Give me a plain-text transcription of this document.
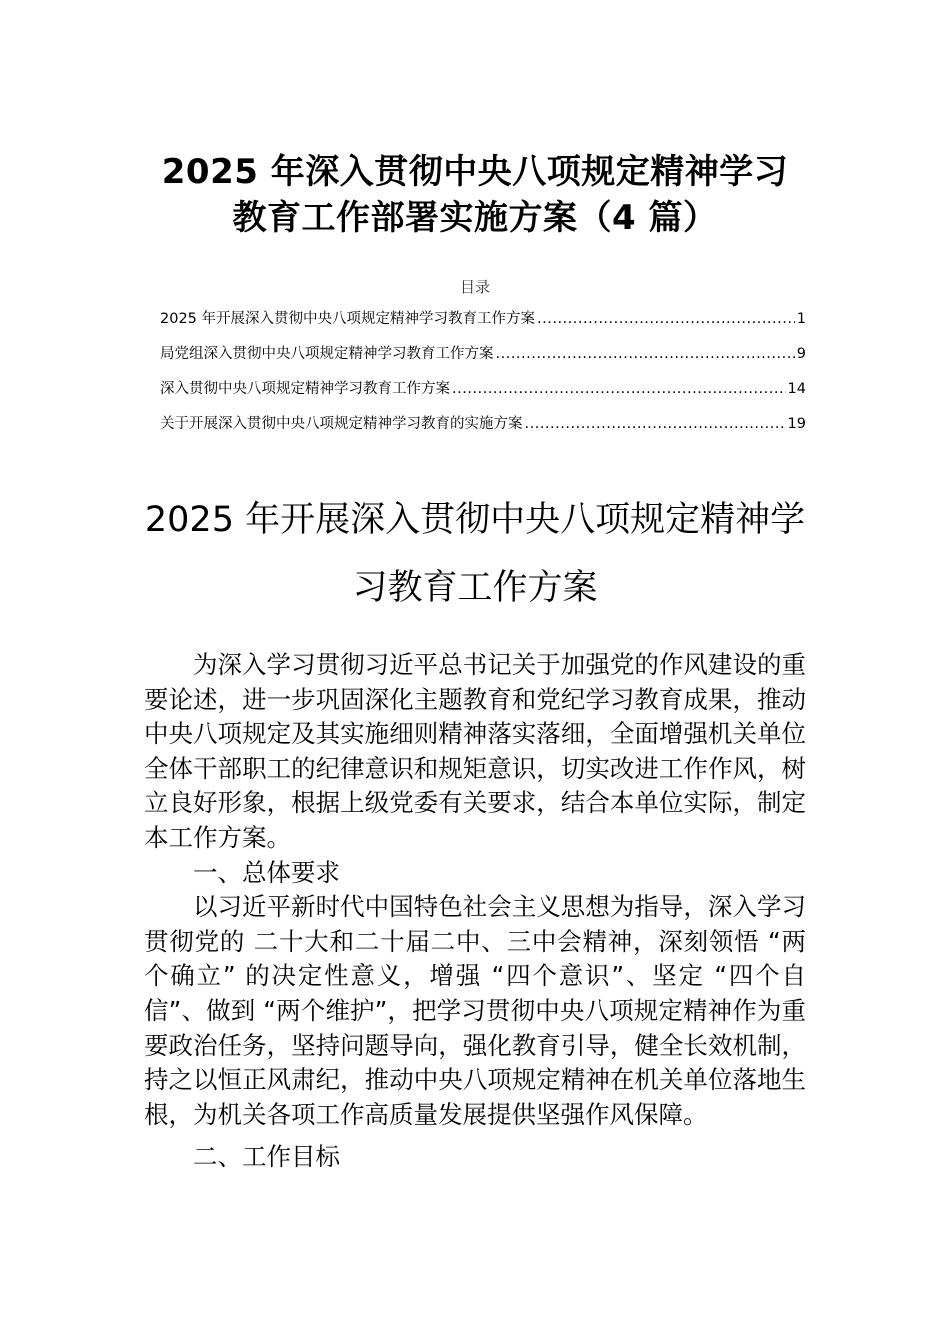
2025 年深入贯彻中央八项规定精神学习
教育工作部署实施方案（4 篇）
目录
2025 年开展深入贯彻中央八项规定精神学习教育工作方案 .....	1
局党组深入贯彻中央八项规定精神学习教育工作方案 .....	9
深入贯彻中央八项规定精神学习教育工作方案 .....	14
关于开展深入贯彻中央八项规定精神学习教育的实施方案 .....	19
2025 年开展深入贯彻中央八项规定精神学
习教育工作方案

为深入学习贯彻习近平总书记关于加强党的作风建设的重要论述，进一步巩固深化主题教育和党纪学习教育成果，推动中央八项规定及其实施细则精神落实落细，全面增强机关单位全体干部职工的纪律意识和规矩意识，切实改进工作作风，树立良好形象，根据上级党委有关要求，结合本单位实际，制定本工作方案。

一、总体要求

以习近平新时代中国特色社会主义思想为指导，深入学习贯彻党的 二十大和二十届二中、三中会精神，深刻领悟 “两个确立” 的决定性意义，增强 “四个意识”、坚定 “四个自信”、做到 “两个维护”，把学习贯彻中央八项规定精神作为重要政治任务，坚持问题导向，强化教育引导，健全长效机制，持之以恒正风肃纪，推动中央八项规定精神在机关单位落地生根，为机关各项工作高质量发展提供坚强作风保障。

二、工作目标
